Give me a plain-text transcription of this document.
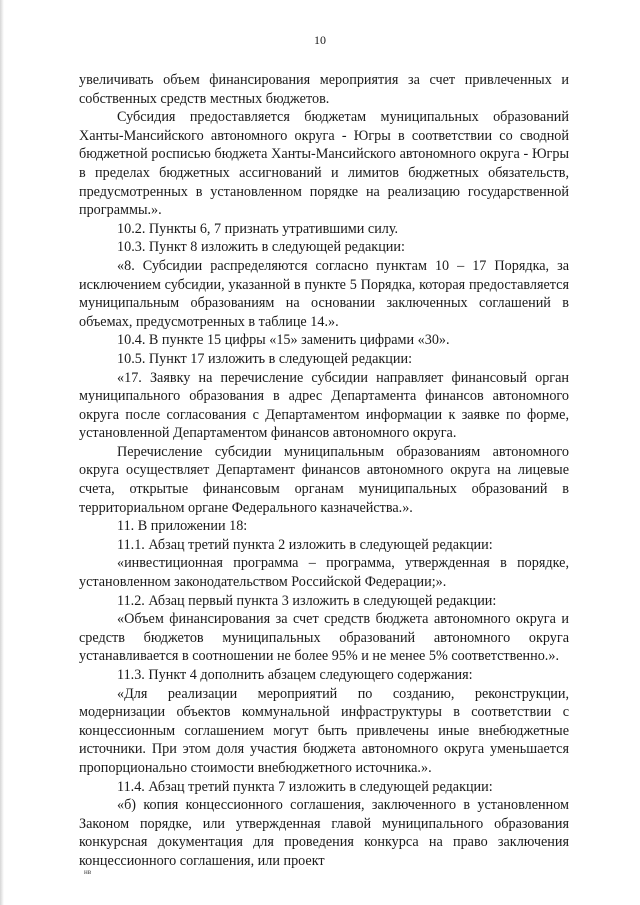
10

увеличивать объем финансирования мероприятия за счет привлеченных и собственных средств местных бюджетов.

Субсидия предоставляется бюджетам муниципальных образований Ханты-Мансийского автономного округа - Югры в соответствии со сводной бюджетной росписью бюджета Ханты-Мансийского автономного округа - Югры в пределах бюджетных ассигнований и лимитов бюджетных обязательств, предусмотренных в установленном порядке на реализацию государственной программы.».

10.2. Пункты 6, 7 признать утратившими силу.

10.3. Пункт 8 изложить в следующей редакции:

«8. Субсидии распределяются согласно пунктам 10 – 17 Порядка, за исключением субсидии, указанной в пункте 5 Порядка, которая предоставляется муниципальным образованиям на основании заключенных соглашений в объемах, предусмотренных в таблице 14.».

10.4. В пункте 15 цифры «15» заменить цифрами «30».

10.5. Пункт 17 изложить в следующей редакции:

«17. Заявку на перечисление субсидии направляет финансовый орган муниципального образования в адрес Департамента финансов автономного округа после согласования с Департаментом информации к заявке по форме, установленной Департаментом финансов автономного округа.

Перечисление субсидии муниципальным образованиям автономного округа осуществляет Департамент финансов автономного округа на лицевые счета, открытые финансовым органам муниципальных образований в территориальном органе Федерального казначейства.».

11. В приложении 18:

11.1. Абзац третий пункта 2 изложить в следующей редакции:

«инвестиционная программа – программа, утвержденная в порядке, установленном законодательством Российской Федерации;».

11.2. Абзац первый пункта 3 изложить в следующей редакции:

«Объем финансирования за счет средств бюджета автономного округа и средств бюджетов муниципальных образований автономного округа устанавливается в соотношении не более 95% и не менее 5% соответственно.».

11.3. Пункт 4 дополнить абзацем следующего содержания:

«Для реализации мероприятий по созданию, реконструкции, модернизации объектов коммунальной инфраструктуры в соответствии с концессионным соглашением могут быть привлечены иные внебюджетные источники. При этом доля участия бюджета автономного округа уменьшается пропорционально стоимости внебюджетного источника.».

11.4. Абзац третий пункта 7 изложить в следующей редакции:

«б) копия концессионного соглашения, заключенного в установленном Законом порядке, или утвержденная главой муниципального образования конкурсная документация для проведения конкурса на право заключения концессионного соглашения, или проект

нв
